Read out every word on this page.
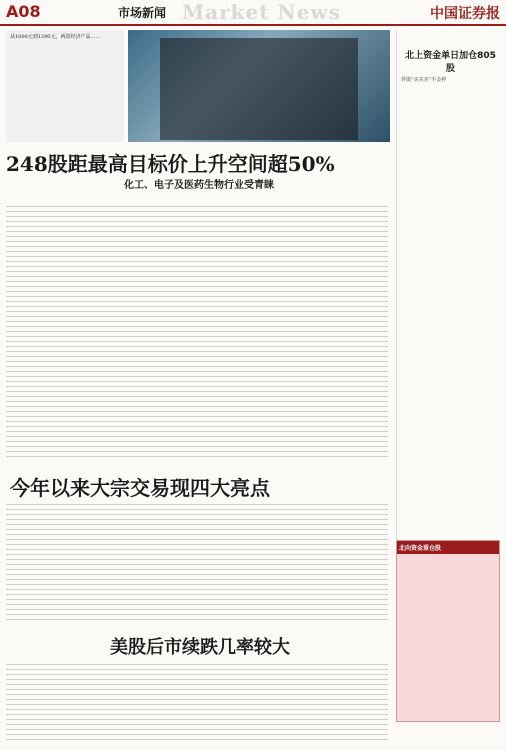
A08	市场新闻 Market News	中国证券报
从1000元到1290元，两款经济产品……
248股距最高目标价上升空间超50%
化工、电子及医药生物行业受青睐
今年以来大宗交易现四大亮点
美股后市续跌几率较大
北上资金单日加仓805股
外资“买买买”不会停
北向资金重仓股
